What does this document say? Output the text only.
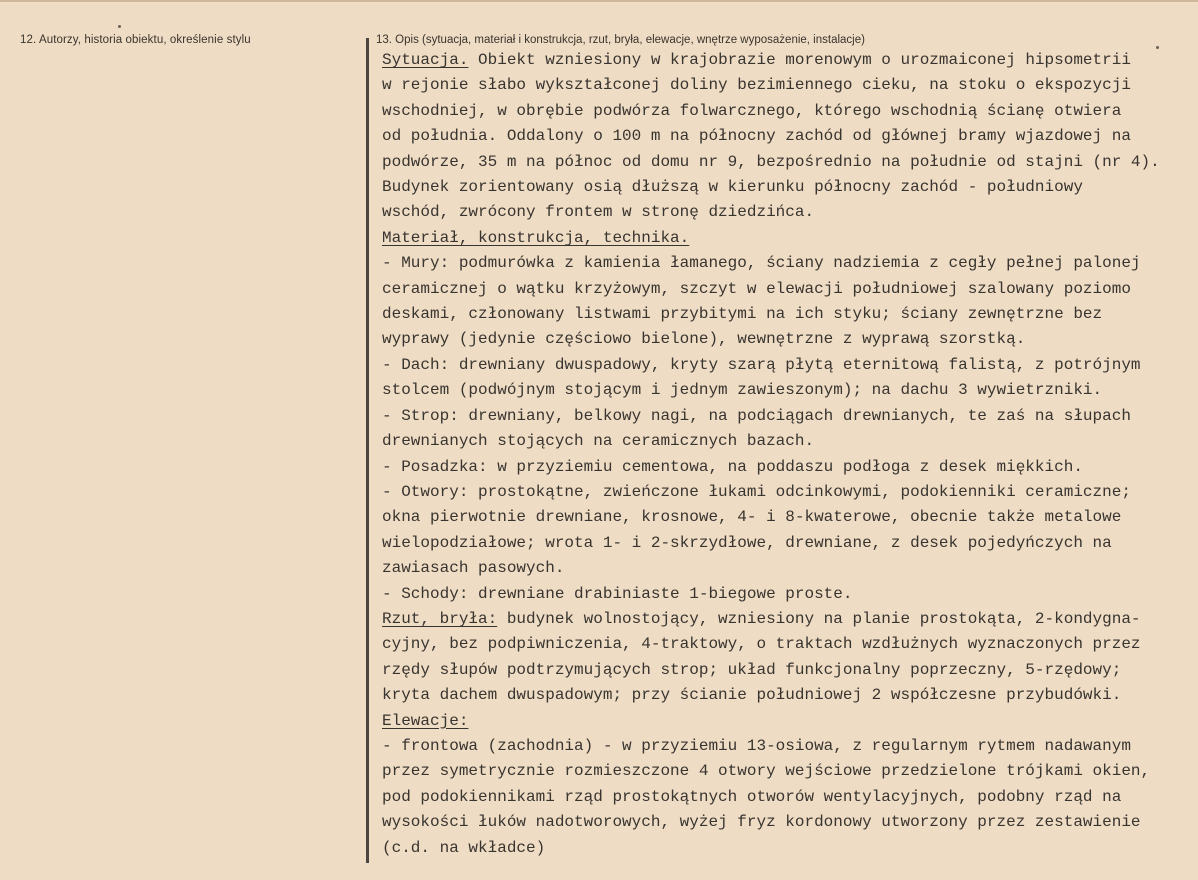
12. Autorzy, historia obiektu, określenie stylu	13. Opis (sytuacja, materiał i konstrukcja, rzut, bryła, elewacje, wnętrze wyposażenie, instalacje)
Sytuacja. Obiekt wzniesiony w krajobrazie morenowym o urozmaiconej hipsometrii
w rejonie słabo wykształconej doliny bezimiennego cieku, na stoku o ekspozycji
wschodniej, w obrębie podwórza folwarcznego, którego wschodnią ścianę otwiera
od południa. Oddalony o 100 m na północny zachód od głównej bramy wjazdowej na
podwórze, 35 m na północ od domu nr 9, bezpośrednio na południe od stajni (nr 4).
Budynek zorientowany osią dłuższą w kierunku północny zachód - południowy
wschód, zwrócony frontem w stronę dziedzińca.
Materiał, konstrukcja, technika.
- Mury: podmurówka z kamienia łamanego, ściany nadziemia z cegły pełnej palonej
ceramicznej o wątku krzyżowym, szczyt w elewacji południowej szalowany poziomo
deskami, członowany listwami przybitymi na ich styku; ściany zewnętrzne bez
wyprawy (jedynie częściowo bielone), wewnętrzne z wyprawą szorstką.
- Dach: drewniany dwuspadowy, kryty szarą płytą eternitową falistą, z potrójnym
stolcem (podwójnym stojącym i jednym zawieszonym); na dachu 3 wywietrzniki.
- Strop: drewniany, belkowy nagi, na podciągach drewnianych, te zaś na słupach
drewnianych stojących na ceramicznych bazach.
- Posadzka: w przyziemiu cementowa, na poddaszu podłoga z desek miękkich.
- Otwory: prostokątne, zwieńczone łukami odcinkowymi, podokienniki ceramiczne;
okna pierwotnie drewniane, krosnowe, 4- i 8-kwaterowe, obecnie także metalowe
wielopodziałowe; wrota 1- i 2-skrzydłowe, drewniane, z desek pojedyńczych na
zawiasach pasowych.
- Schody: drewniane drabiniaste 1-biegowe proste.
Rzut, bryła: budynek wolnostojący, wzniesiony na planie prostokąta, 2-kondygna-
cyjny, bez podpiwniczenia, 4-traktowy, o traktach wzdłużnych wyznaczonych przez
rzędy słupów podtrzymujących strop; układ funkcjonalny poprzeczny, 5-rzędowy;
kryta dachem dwuspadowym; przy ścianie południowej 2 współczesne przybudówki.
Elewacje:
- frontowa (zachodnia) - w przyziemiu 13-osiowa, z regularnym rytmem nadawanym
przez symetrycznie rozmieszczone 4 otwory wejściowe przedzielone trójkami okien,
pod podokiennikami rząd prostokątnych otworów wentylacyjnych, podobny rząd na
wysokości łuków nadotworowych, wyżej fryz kordonowy utworzony przez zestawienie
(c.d. na wkładce)
